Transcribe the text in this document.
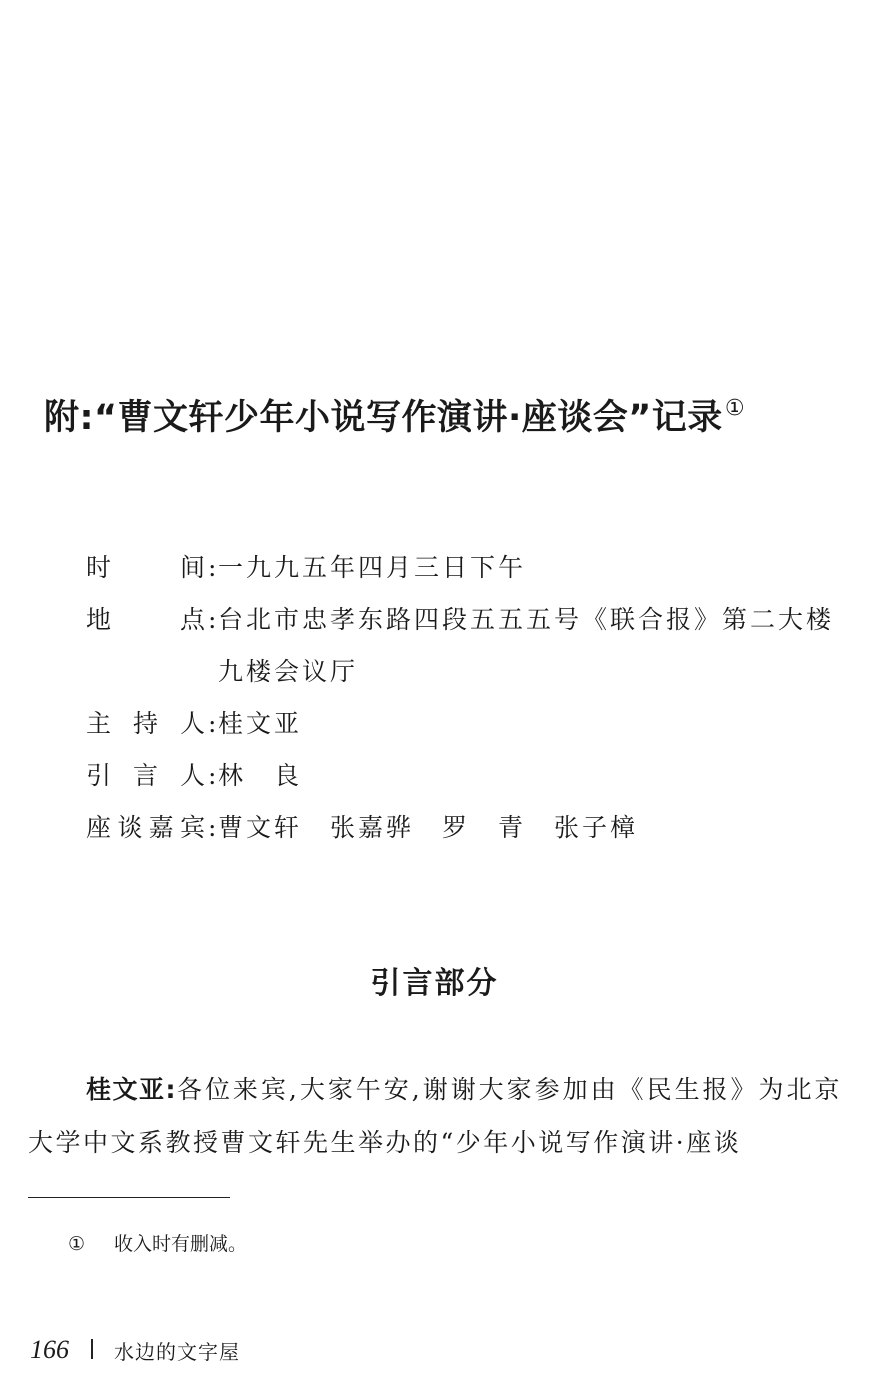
附:“曹文轩少年小说写作演讲·座谈会”记录①
时	间 :
一九九五年四月三日下午
地	点 :
台北市忠孝东路四段五五五号《联合报》第二大楼九楼会议厅
主 持 人 :
桂文亚
引 言 人 :
林　良
座 谈 嘉 宾 :
曹文轩　张嘉骅　罗　青　张子樟
引言部分
桂文亚:各位来宾,大家午安,谢谢大家参加由《民生报》为北京大学中文系教授曹文轩先生举办的“少年小说写作演讲·座谈
① 收入时有删减。
166 水边的文字屋
